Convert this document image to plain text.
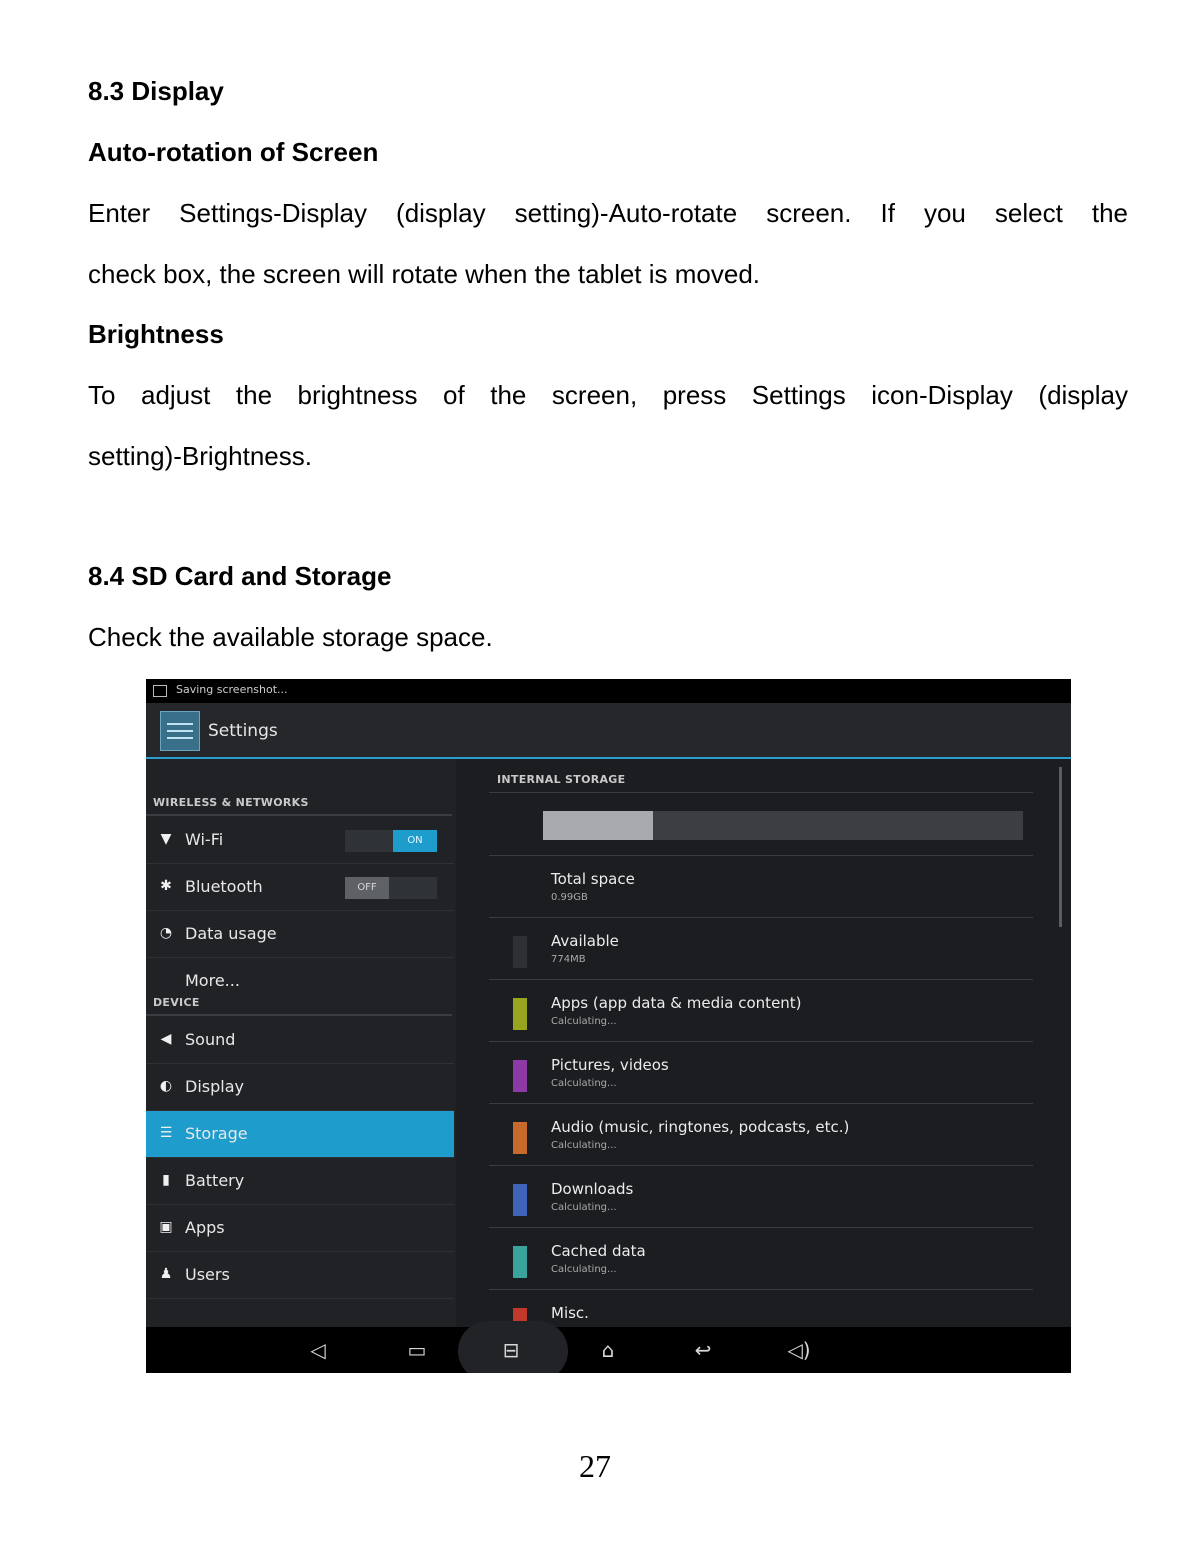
8.3 Display
Auto-rotation of Screen

Enter Settings-Display (display setting)-Auto-rotate screen. If you select the

check box, the screen will rotate when the tablet is moved.

Brightness

To adjust the brightness of the screen, press Settings icon-Display (display

setting)-Brightness.

8.4 SD Card and Storage

Check the available storage space.

Saving screenshot...
Settings
WIRELESS & NETWORKS
▼ Wi-Fi	ON
✱ Bluetooth	OFF
◔ Data usage
More...
DEVICE
◀ Sound
◐ Display
☰ Storage
▮ Battery
▣ Apps
♟ Users
INTERNAL STORAGE
Total space
0.99GB
Available
774MB
Apps (app data & media content)
Calculating...
Pictures, videos
Calculating...
Audio (music, ringtones, podcasts, etc.)
Calculating...
Downloads
Calculating...
Cached data
Calculating...
Misc.
◁	▭	⊟	⌂	↩	◁)
27
